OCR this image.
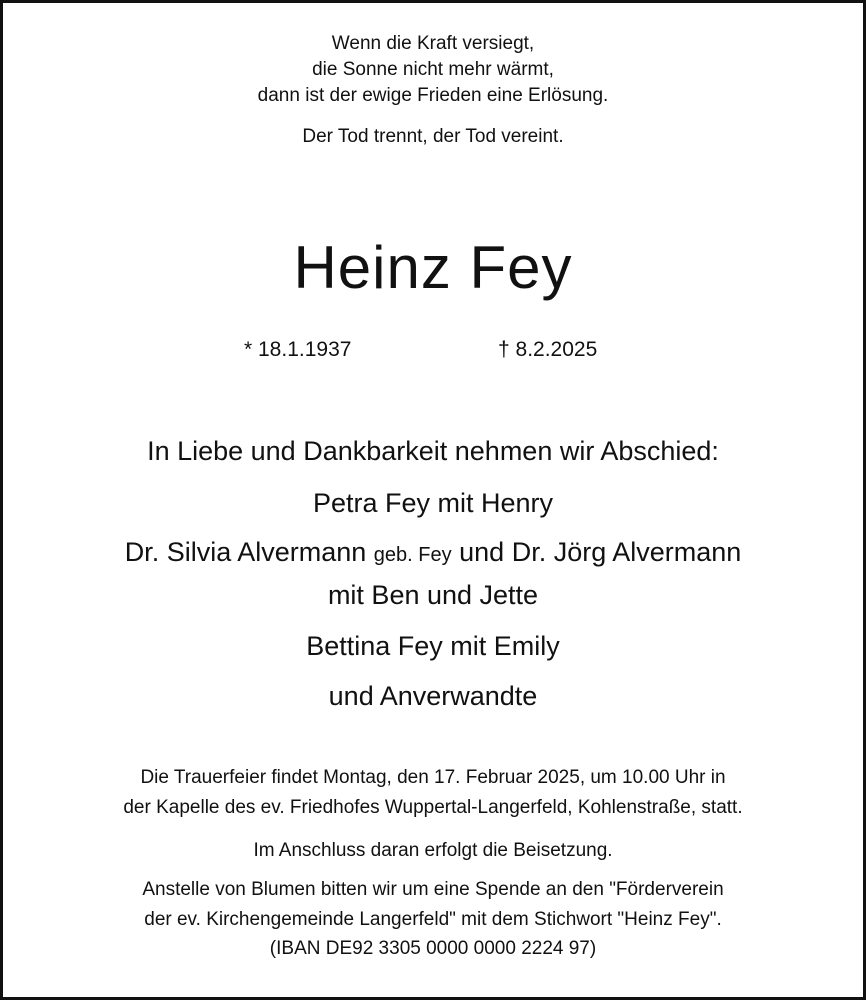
Wenn die Kraft versiegt,
die Sonne nicht mehr wärmt,
dann ist der ewige Frieden eine Erlösung.
Der Tod trennt, der Tod vereint.
Heinz Fey
* 18.1.1937	† 8.2.2025
In Liebe und Dankbarkeit nehmen wir Abschied:
Petra Fey mit Henry
Dr. Silvia Alvermann geb. Fey und Dr. Jörg Alvermann
mit Ben und Jette
Bettina Fey mit Emily
und Anverwandte
Die Trauerfeier findet Montag, den 17. Februar 2025, um 10.00 Uhr in
der Kapelle des ev. Friedhofes Wuppertal-Langerfeld, Kohlenstraße, statt.
Im Anschluss daran erfolgt die Beisetzung.
Anstelle von Blumen bitten wir um eine Spende an den "Förderverein
der ev. Kirchengemeinde Langerfeld" mit dem Stichwort "Heinz Fey".
(IBAN DE92 3305 0000 0000 2224 97)
